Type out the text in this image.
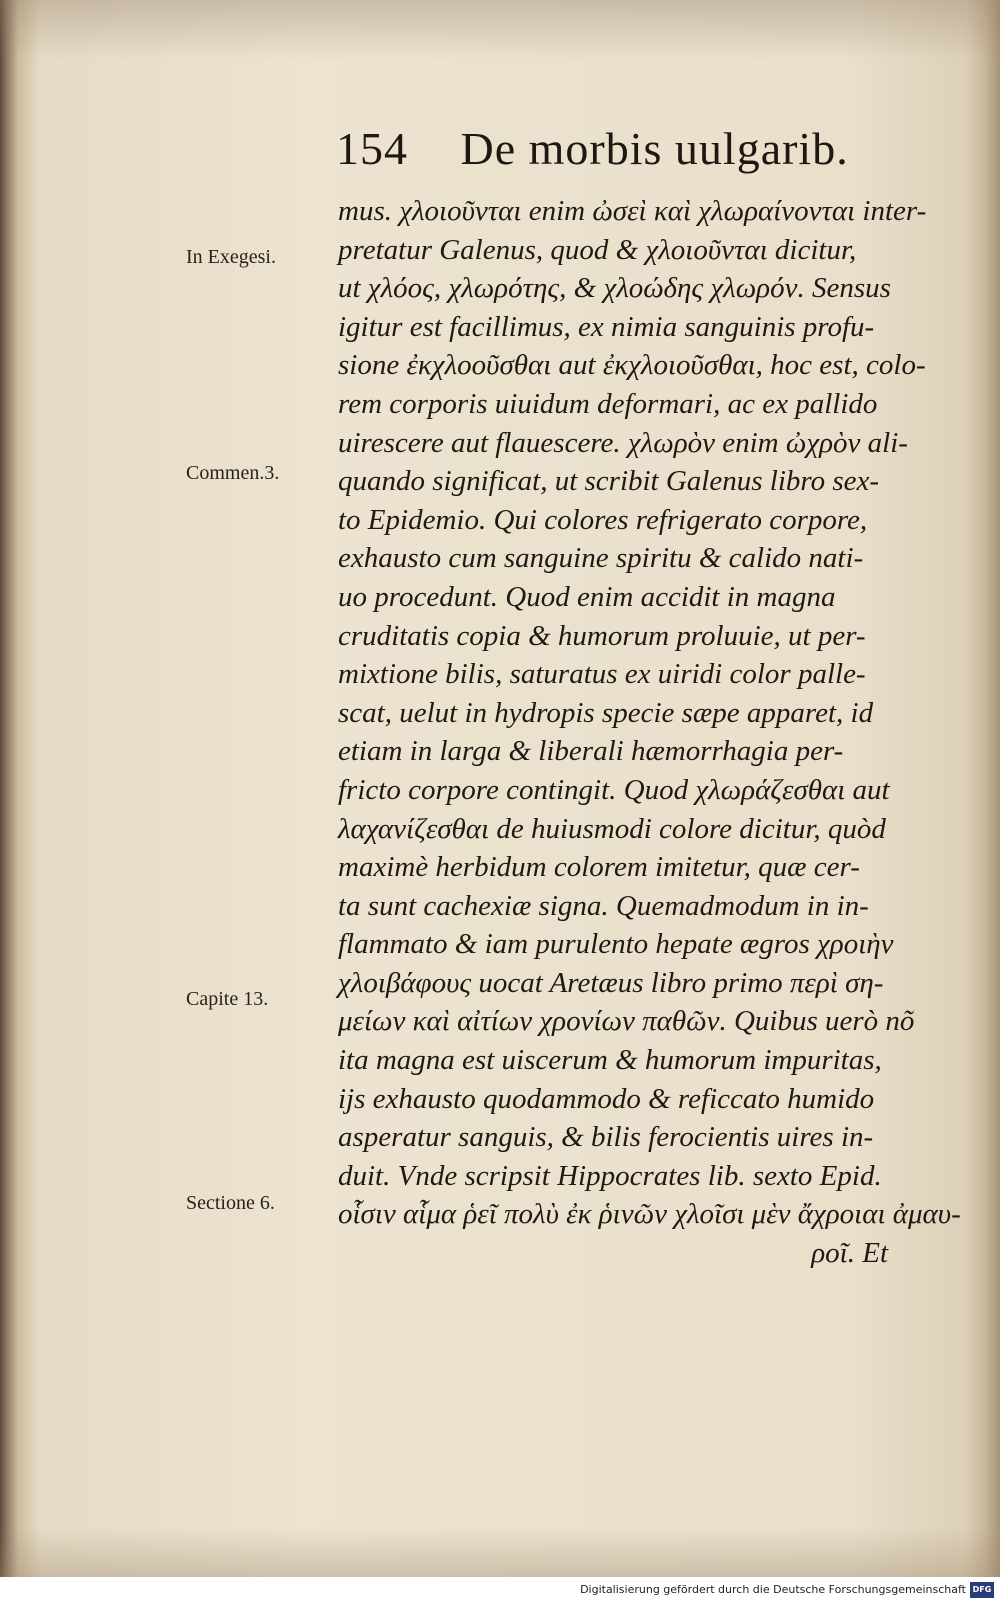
154 De morbis uulgarib.
In Exegesi.
Commen.3.
Capite 13.
Sectione 6.
mus. χλοιοῦνται enim ὠσεὶ καὶ χλωραίνονται inter-
pretatur Galenus, quod & χλοιοῦνται dicitur,
ut χλόος, χλωρότης, & χλοώδης χλωρόν. Sensus
igitur est facillimus, ex nimia sanguinis profu-
sione ἐκχλοοῦσθαι aut ἐκχλοιοῦσθαι, hoc est, colo-
rem corporis uiuidum deformari, ac ex pallido
uirescere aut flauescere. χλωρὸν enim ὠχρὸν ali-
quando significat, ut scribit Galenus libro sex-
to Epidemio. Qui colores refrigerato corpore,
exhausto cum sanguine spiritu & calido nati-
uo procedunt. Quod enim accidit in magna
cruditatis copia & humorum proluuie, ut per-
mixtione bilis, saturatus ex uiridi color palle-
scat, uelut in hydropis specie sæpe apparet, id
etiam in larga & liberali hæmorrhagia per-
fricto corpore contingit. Quod χλωράζεσθαι aut
λαχανίζεσθαι de huiusmodi colore dicitur, quòd
maximè herbidum colorem imitetur, quæ cer-
ta sunt cachexiæ signa. Quemadmodum in in-
flammato & iam purulento hepate ægros χροιὴν
χλοιβάφους uocat Aretæus libro primo περὶ ση-
μείων καὶ αἰτίων χρονίων παθῶν. Quibus uerò nõ
ita magna est uiscerum & humorum impuritas,
ijs exhausto quodammodo & reficcato humido
asperatur sanguis, & bilis ferocientis uires in-
duit. Vnde scripsit Hippocrates lib. sexto Epid.
οἷσιν αἷμα ῥεῖ πολὺ ἐκ ῥινῶν χλοῖσι μὲν ἄχροιαι ἀμαυ-
ροῖ. Et
Digitalisierung gefördert durch die Deutsche Forschungsgemeinschaft DFG
